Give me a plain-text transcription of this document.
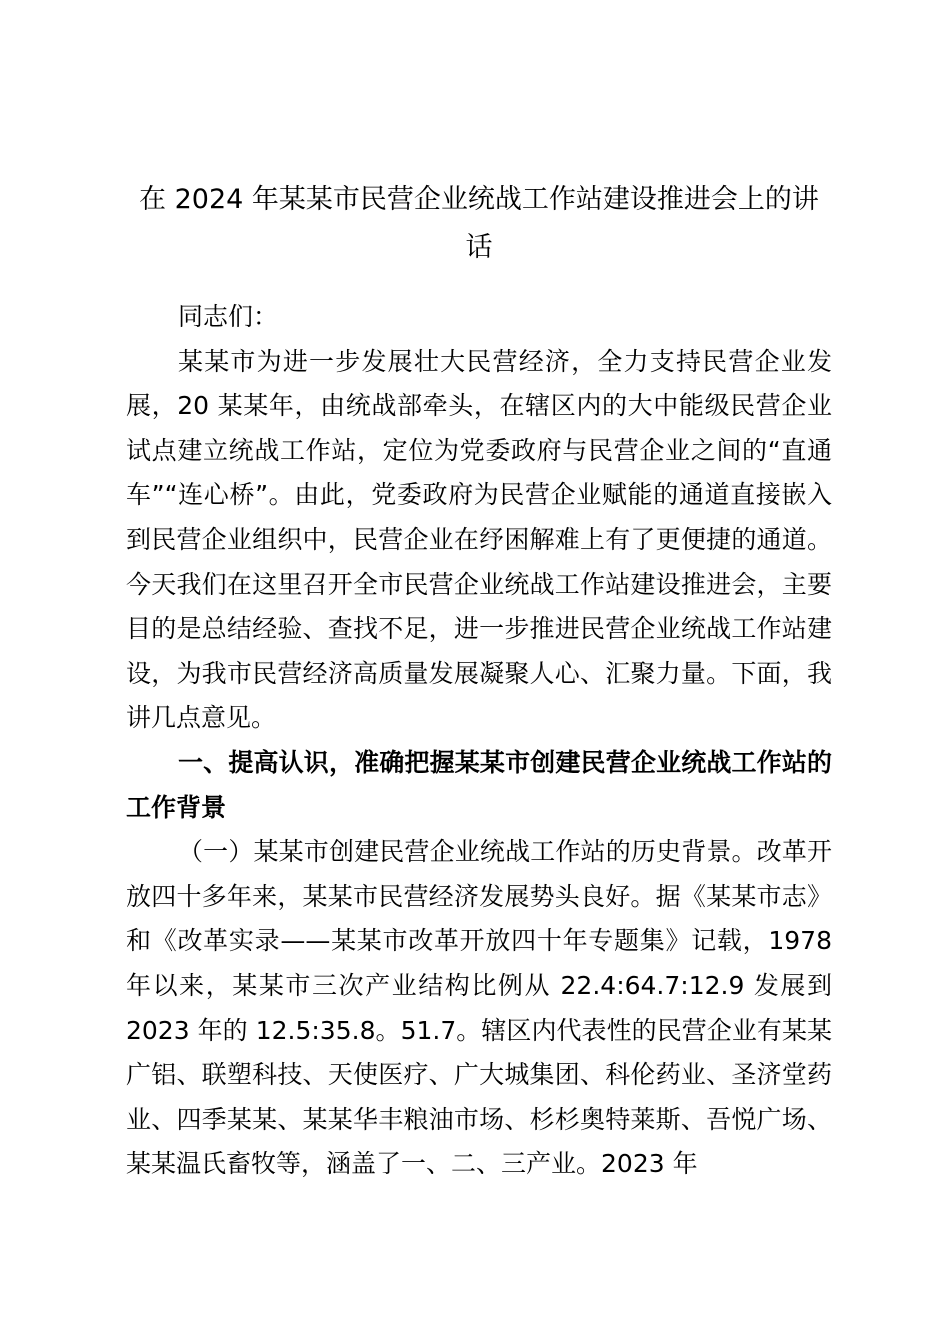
在 2024 年某某市民营企业统战工作站建设推进会上的讲话

同志们：

某某市为进一步发展壮大民营经济，全力支持民营企业发展，20 某某年，由统战部牵头，在辖区内的大中能级民营企业试点建立统战工作站，定位为党委政府与民营企业之间的“直通车”“连心桥”。由此，党委政府为民营企业赋能的通道直接嵌入到民营企业组织中，民营企业在纾困解难上有了更便捷的通道。今天我们在这里召开全市民营企业统战工作站建设推进会，主要目的是总结经验、查找不足，进一步推进民营企业统战工作站建设，为我市民营经济高质量发展凝聚人心、汇聚力量。下面，我讲几点意见。

一、提高认识，准确把握某某市创建民营企业统战工作站的工作背景

（一）某某市创建民营企业统战工作站的历史背景。改革开放四十多年来，某某市民营经济发展势头良好。据《某某市志》和《改革实录——某某市改革开放四十年专题集》记载，1978 年以来，某某市三次产业结构比例从 22.4:64.7:12.9 发展到 2023 年的 12.5:35.8。51.7。辖区内代表性的民营企业有某某广铝、联塑科技、天使医疗、广大城集团、科伦药业、圣济堂药业、四季某某、某某华丰粮油市场、杉杉奥特莱斯、吾悦广场、某某温氏畜牧等，涵盖了一、二、三产业。2023 年
